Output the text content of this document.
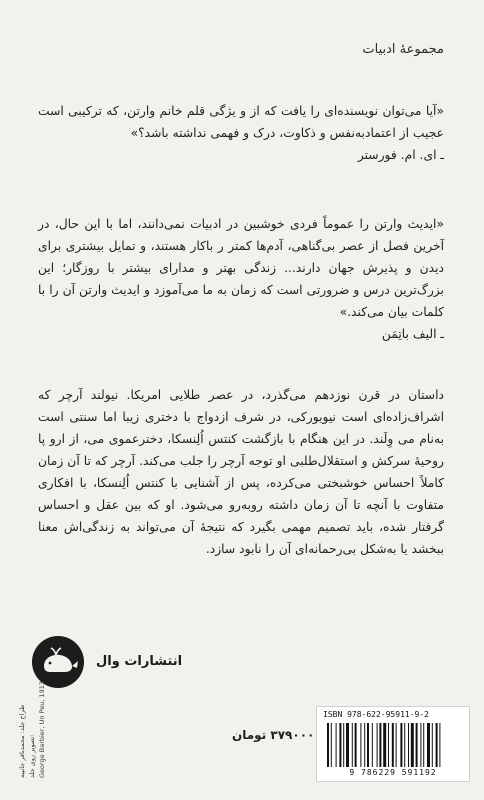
مجموعهٔ ادبیات

«آیا می‌توان نویسنده‌ای را یافت که از و یژگی قلم خانم وارتن، که ترکیبی است عجیب از اعتمادبه‌نفس و ذکاوت، درک و فهمی نداشته باشد؟»

ـ ای. ام. فورستر

«ایدیث وارتن را عموماً فردی خوشبین در ادبیات نمی‌دانند، اما با این حال، در آخرین فصل از عصر بی‌گناهی، آدم‌ها کمتر ر باکار هستند، و تمایل بیشتری برای دیدن و پذیرش جهان دارند... زندگی بهتر و مدارای بیشتر با روزگار؛ این بزرگ‌ترین درس و ضرورتی است که زمان به ما می‌آموزد و ایدیث وارتن آن را با کلمات بیان می‌کند.»

ـ الیف باتِمَن

داستان در قرن نوزدهم می‌گذرد، در عصر طلایی امریکا. نیولند آرچر که اشراف‌زاده‌ای است نیویورکی، در شرف ازدواج با دختری زیبا اما سنتی است به‌نام می وِلَند. در این هنگام با بازگشت کنتس اُلِنسکا، دخترعموی می، از ارو پا روحیهٔ سرکش و استقلال‌طلبی او توجه آرچر را جلب می‌کند. آرچر که تا آن زمان کاملاً احساس خوشبختی می‌کرده، پس از آشنایی با کنتس اُلِنسکا، با افکاری متفاوت با آنچه تا آن زمان داشته روبه‌رو می‌شود. او که بین عقل و احساس گرفتار شده، باید تصمیم مهمی بگیرد که نتیجهٔ آن می‌تواند به زندگی‌اش معنا ببخشد یا به‌شکل بی‌رحمانه‌ای آن را نابود سازد.

انتشارات وال
طراح جلد: محمدباقر جانپیه تصویر روی جلد: George Barbier, Un Peu, 1913	۳۷۹۰۰۰ تومان
ISBN 978-622-95911-9-2
9 786229 591192
